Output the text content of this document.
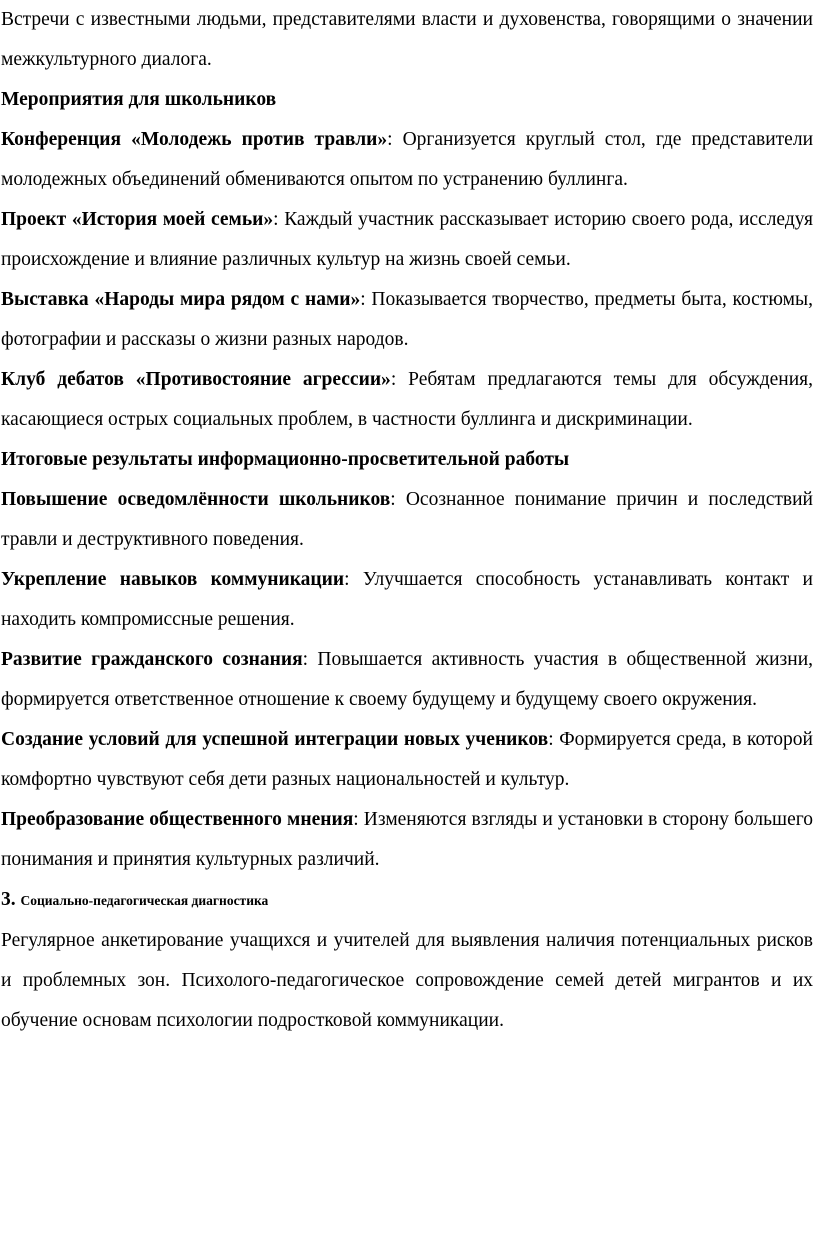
Встречи с известными людьми, представителями власти и духовенства, говорящими о значении межкультурного диалога.

Мероприятия для школьников

Конференция «Молодежь против травли»: Организуется круглый стол, где представители молодежных объединений обмениваются опытом по устранению буллинга.

Проект «История моей семьи»: Каждый участник рассказывает историю своего рода, исследуя происхождение и влияние различных культур на жизнь своей семьи.

Выставка «Народы мира рядом с нами»: Показывается творчество, предметы быта, костюмы, фотографии и рассказы о жизни разных народов.

Клуб дебатов «Противостояние агрессии»: Ребятам предлагаются темы для обсуждения, касающиеся острых социальных проблем, в частности буллинга и дискриминации.

Итоговые результаты информационно-просветительной работы

Повышение осведомлённости школьников: Осознанное понимание причин и последствий травли и деструктивного поведения.

Укрепление навыков коммуникации: Улучшается способность устанавливать контакт и находить компромиссные решения.

Развитие гражданского сознания: Повышается активность участия в общественной жизни, формируется ответственное отношение к своему будущему и будущему своего окружения.

Создание условий для успешной интеграции новых учеников: Формируется среда, в которой комфортно чувствуют себя дети разных национальностей и культур.

Преобразование общественного мнения: Изменяются взгляды и установки в сторону большего понимания и принятия культурных различий.

3. Социально-педагогическая диагностика

Регулярное анкетирование учащихся и учителей для выявления наличия потенциальных рисков и проблемных зон. Психолого-педагогическое сопровождение семей детей мигрантов и их обучение основам психологии подростковой коммуникации.
